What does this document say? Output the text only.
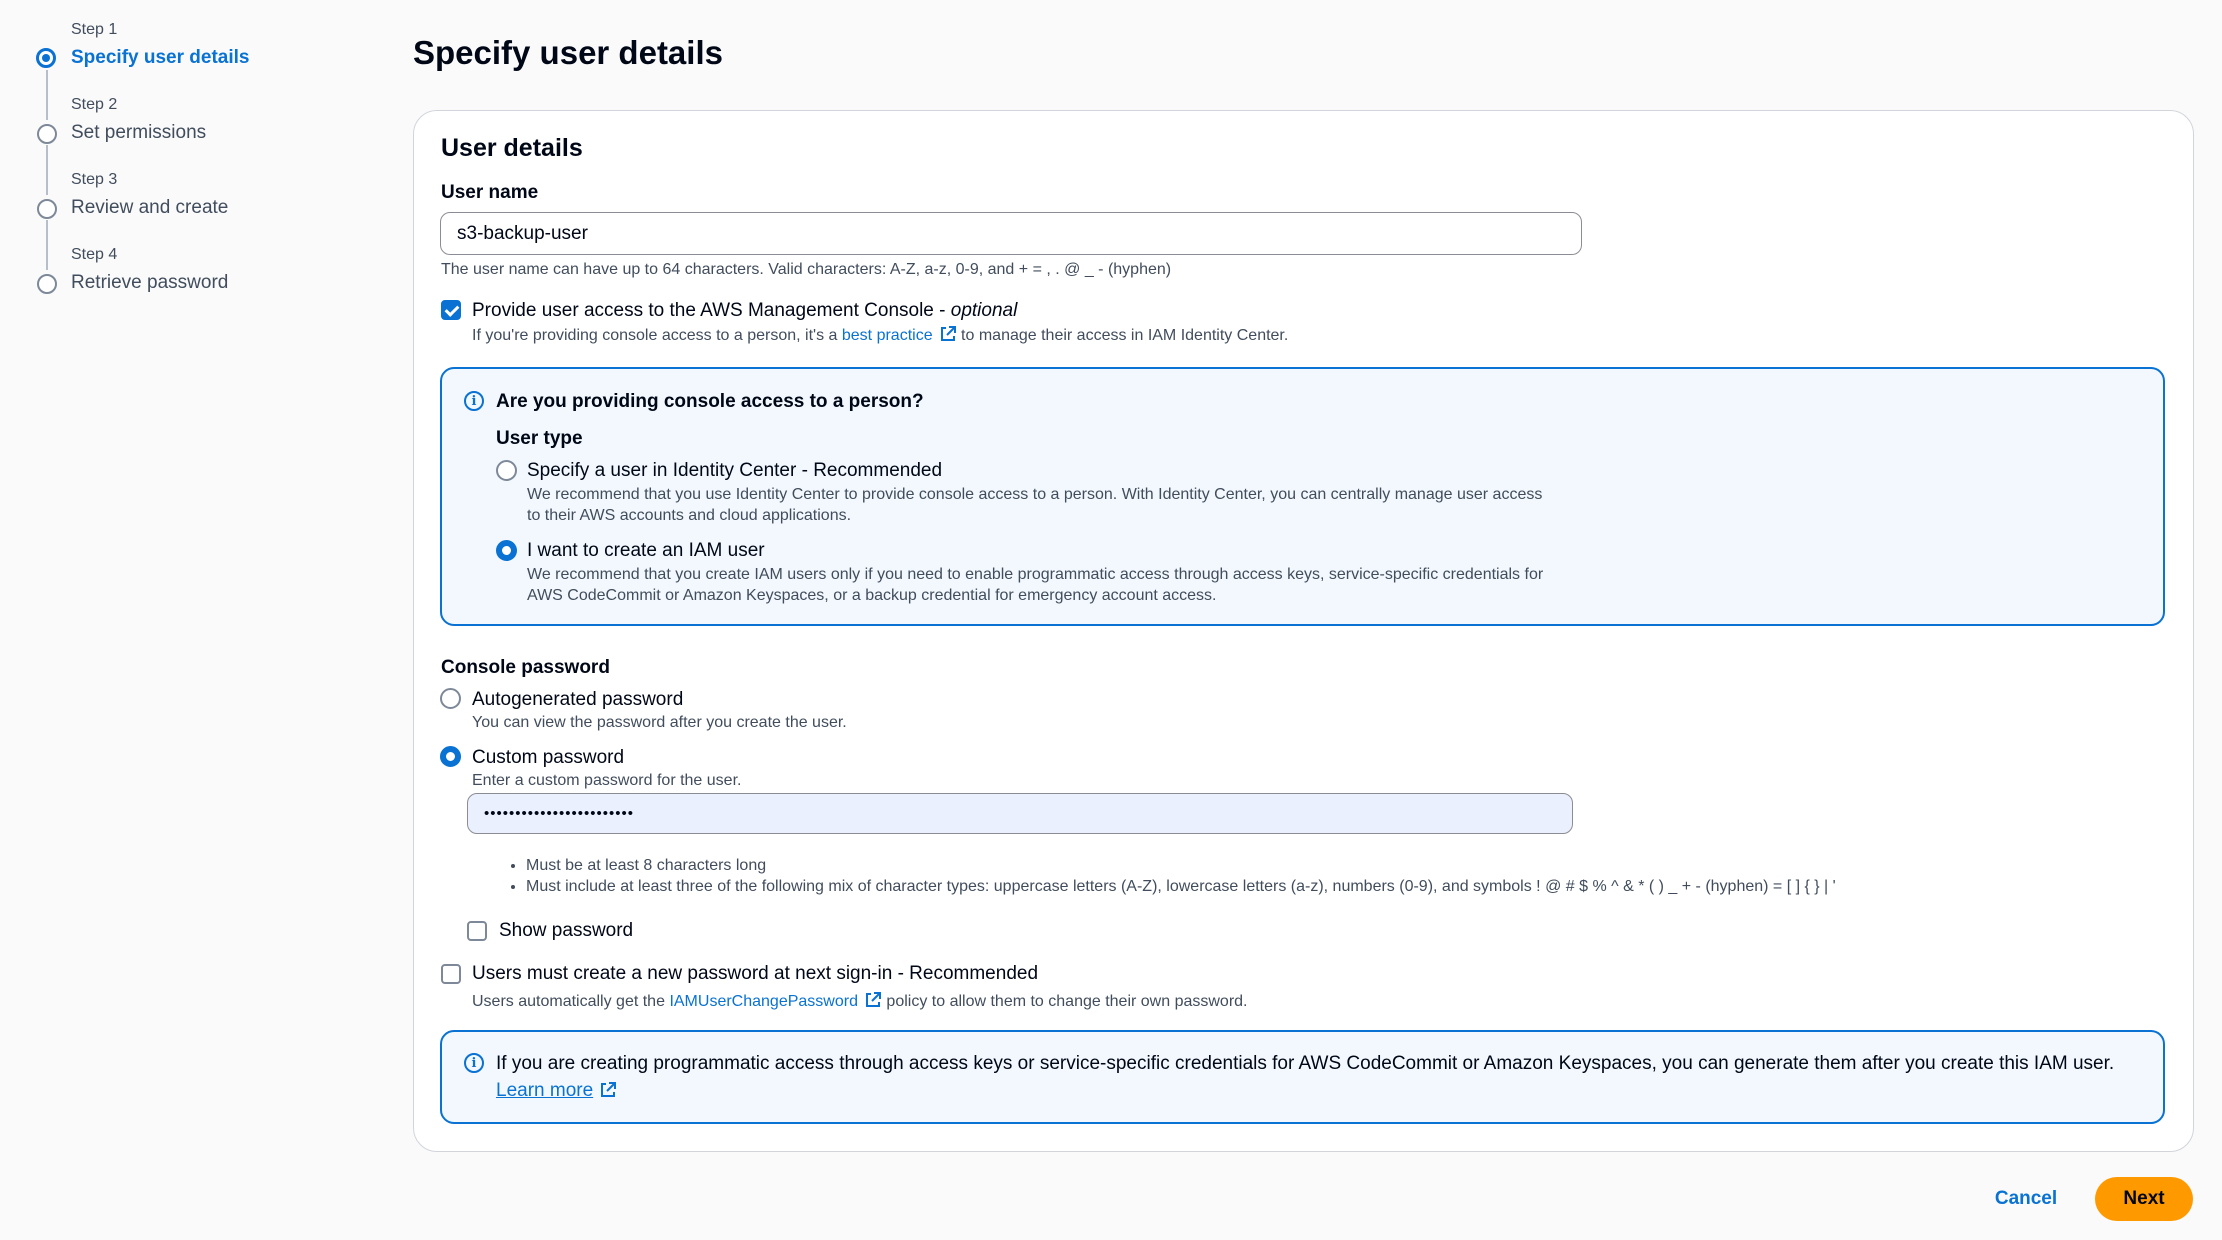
Step 1
Specify user details
Step 2
Set permissions
Step 3
Review and create
Step 4
Retrieve password
Specify user details
User details
User name
s3-backup-user
The user name can have up to 64 characters. Valid characters: A-Z, a-z, 0-9, and + = , . @ _ - (hyphen)
Provide user access to the AWS Management Console - optional
If you're providing console access to a person, it's a best practice to manage their access in IAM Identity Center.
i	Are you providing console access to a person?
User type
Specify a user in Identity Center - Recommended
We recommend that you use Identity Center to provide console access to a person. With Identity Center, you can centrally manage user access
to their AWS accounts and cloud applications.
I want to create an IAM user
We recommend that you create IAM users only if you need to enable programmatic access through access keys, service-specific credentials for
AWS CodeCommit or Amazon Keyspaces, or a backup credential for emergency account access.
Console password
Autogenerated password
You can view the password after you create the user.
Custom password
Enter a custom password for the user.
••••••••••••••••••••••••
• Must be at least 8 characters long
• Must include at least three of the following mix of character types: uppercase letters (A-Z), lowercase letters (a-z), numbers (0-9), and symbols ! @ # $ % ^ & * ( ) _ + - (hyphen) = [ ] { } | '
Show password
Users must create a new password at next sign-in - Recommended
Users automatically get the IAMUserChangePassword policy to allow them to change their own password.
i	If you are creating programmatic access through access keys or service-specific credentials for AWS CodeCommit or Amazon Keyspaces, you can generate them after you create this IAM user.
Learn more
Cancel	Next
